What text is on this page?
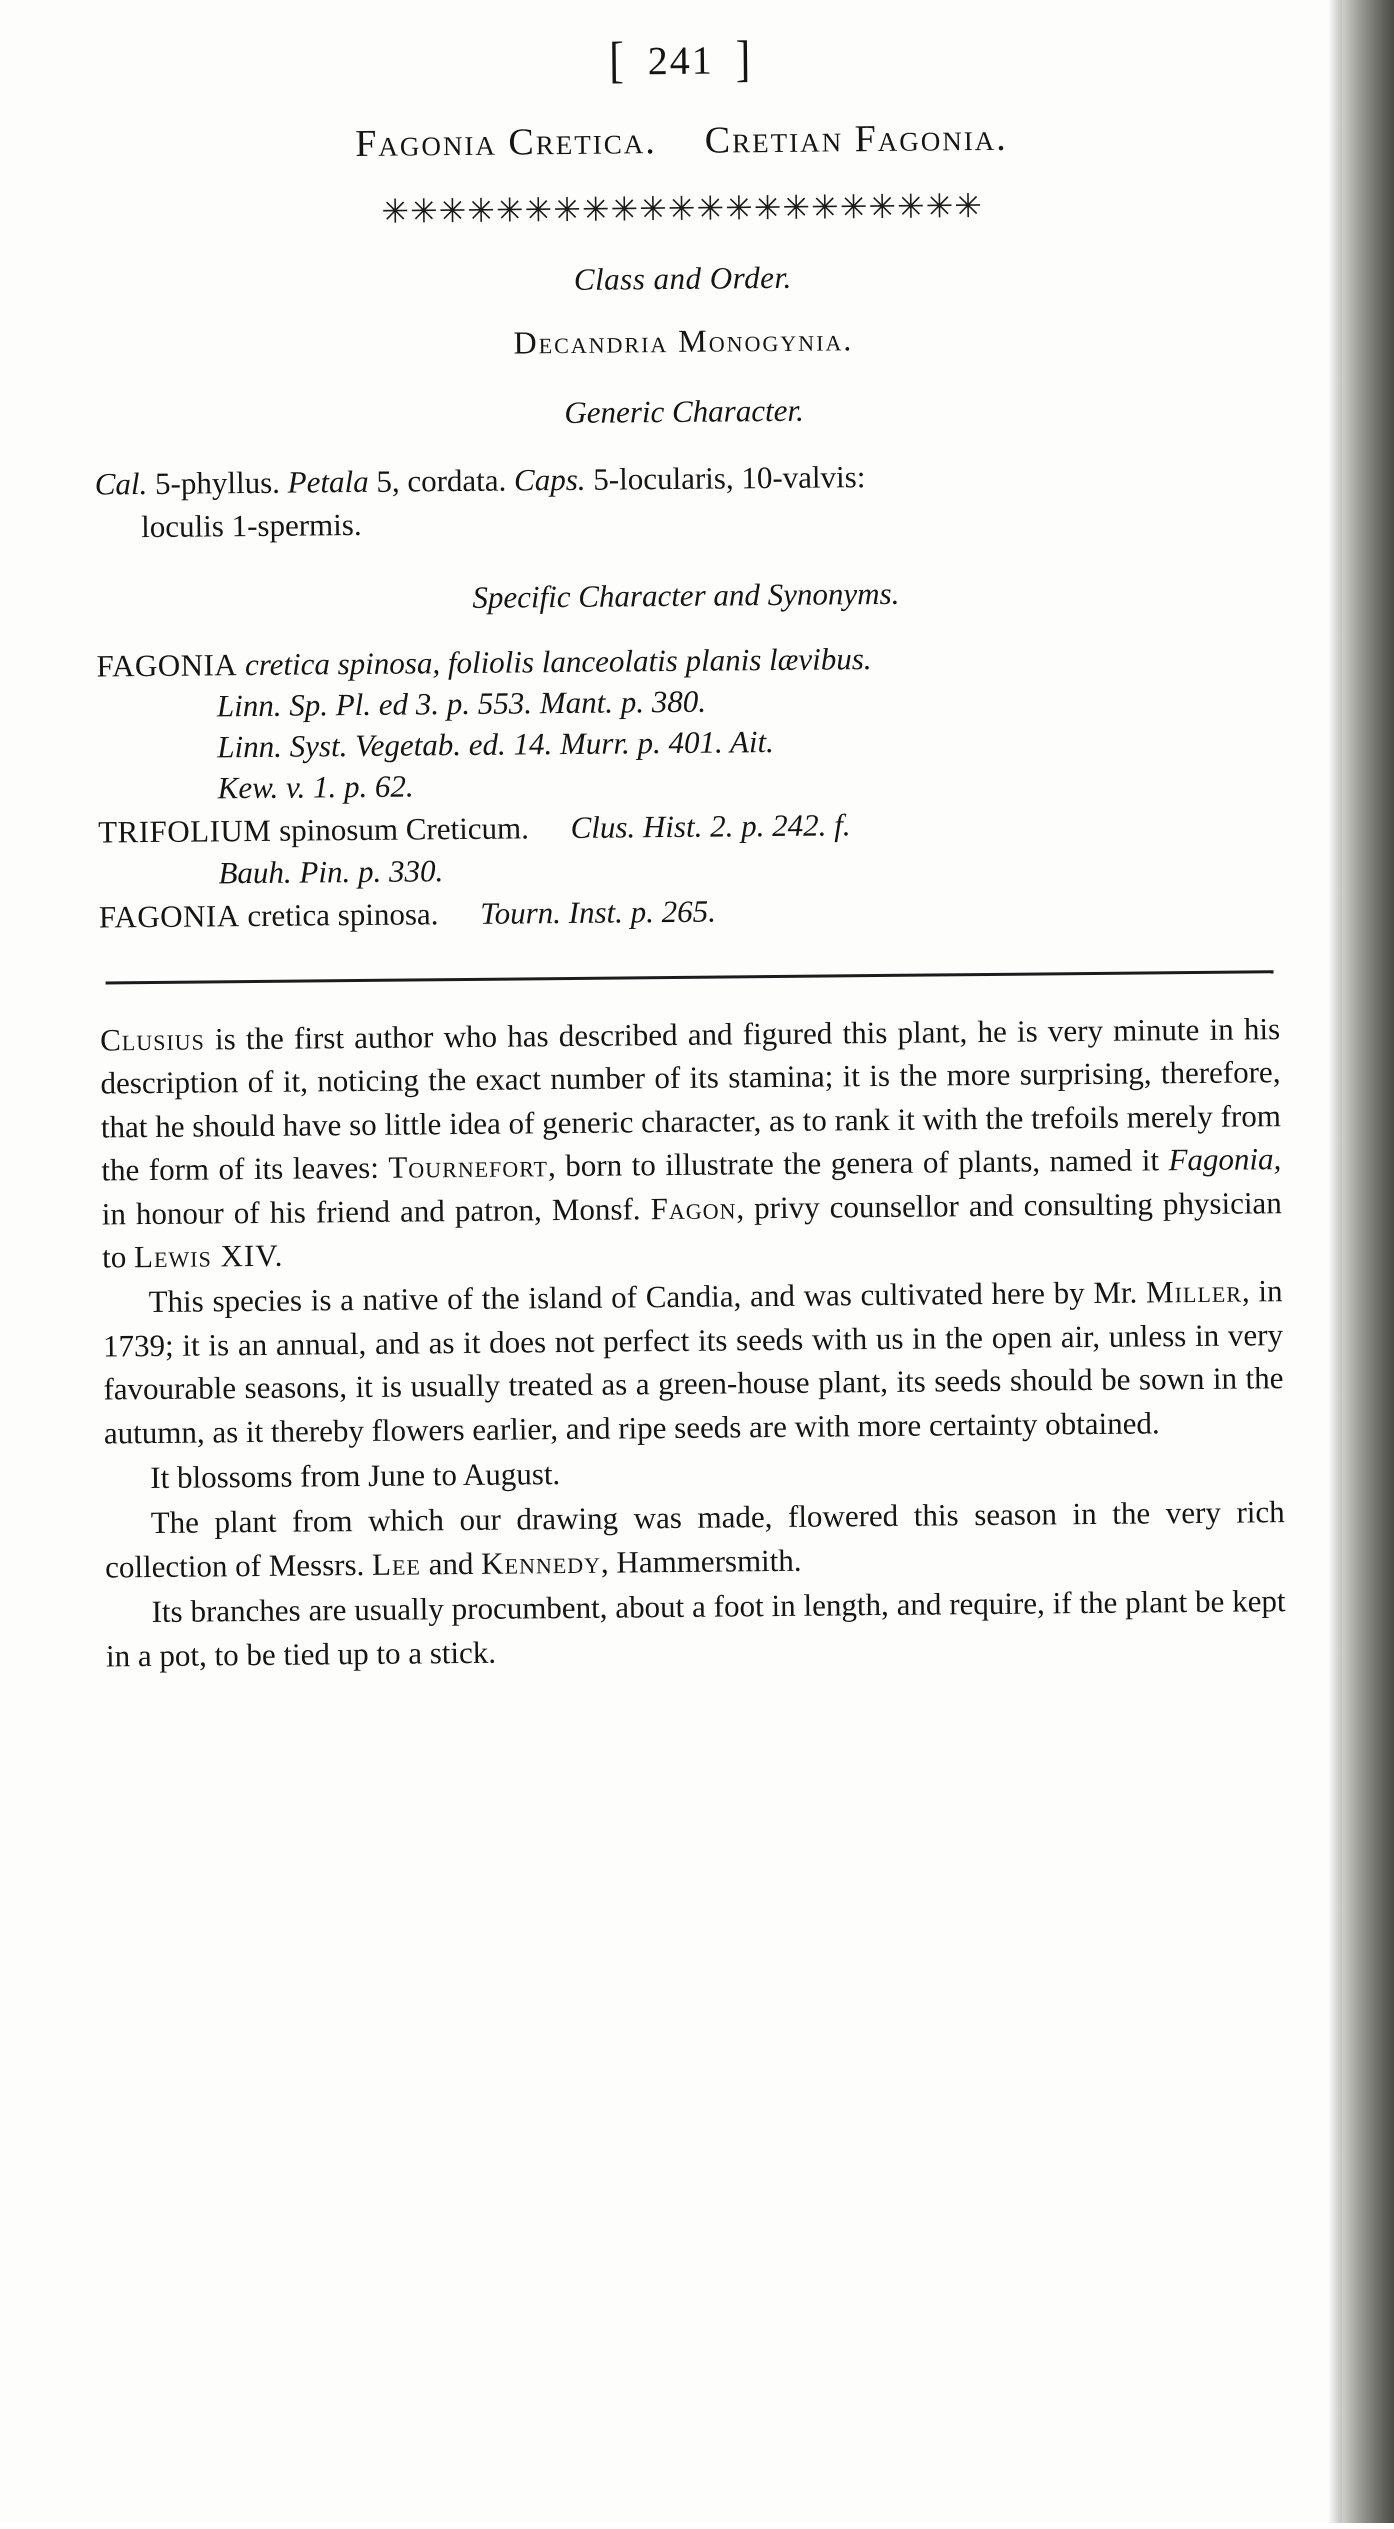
[ 241 ]
Fagonia Cretica. Cretian Fagonia.
✳✳✳✳✳✳✳✳✳✳✳✳✳✳✳✳✳✳✳✳✳
Class and Order.
Decandria Monogynia.
Generic Character.
Cal. 5-phyllus. Petala 5, cordata. Caps. 5-locularis, 10-valvis:
loculis 1-spermis.
Specific Character and Synonyms.
FAGONIA cretica spinosa, foliolis lanceolatis planis lævibus.
Linn. Sp. Pl. ed 3. p. 553. Mant. p. 380.
Linn. Syst. Vegetab. ed. 14. Murr. p. 401. Ait.
Kew. v. 1. p. 62.
TRIFOLIUM spinosum Creticum. Clus. Hist. 2. p. 242. f.
Bauh. Pin. p. 330.
FAGONIA cretica spinosa. Tourn. Inst. p. 265.

Clusius is the first author who has described and figured this plant, he is very minute in his description of it, noticing the exact number of its stamina; it is the more surprising, therefore, that he should have so little idea of generic character, as to rank it with the trefoils merely from the form of its leaves: Tournefort, born to illustrate the genera of plants, named it Fagonia, in honour of his friend and patron, Monsf. Fagon, privy counsellor and consulting physician to Lewis XIV.

This species is a native of the island of Candia, and was cultivated here by Mr. Miller, in 1739; it is an annual, and as it does not perfect its seeds with us in the open air, unless in very favourable seasons, it is usually treated as a green-house plant, its seeds should be sown in the autumn, as it thereby flowers earlier, and ripe seeds are with more certainty obtained.

It blossoms from June to August.

The plant from which our drawing was made, flowered this season in the very rich collection of Messrs. Lee and Kennedy, Hammersmith.

Its branches are usually procumbent, about a foot in length, and require, if the plant be kept in a pot, to be tied up to a stick.
